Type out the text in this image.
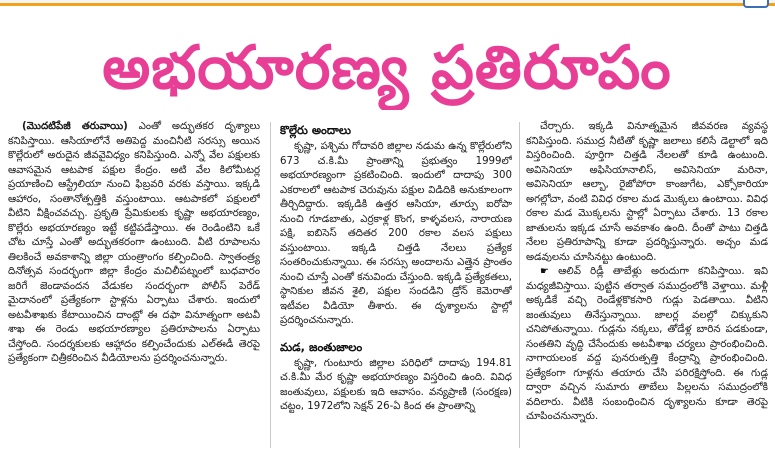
అభయారణ్య ప్రతిరూపం
(మొదటిపేజీ తరువాయి) ఎంతో అద్భుతకర దృశ్యాలు కనిపిస్తాయి. ఆసియాలోనే అతిపెద్ద మంచినీటి సరస్సు అయిన కొల్లేరులో అరుదైన జీవవైవిధ్యం కనిపిస్తుంది. ఎన్నో వేల పక్షులకు ఆవాసమైన ఆటపాక పక్షుల కేంద్రం. అటి వేల కిలోమీటర్ల ప్రయాణించి ఆస్ట్రేలియా నుంచి ఫిబ్రవరి వరకు వస్తాయి. ఇక్కడి ఆహారం, సంతానోత్పత్తికి వస్తుంటాయి. ఆటపాకలో పక్షులలో వీటిని వీక్షించవచ్చు. ప్రకృతి ప్రేమికులకు కృష్ణా అభయారణ్యం, కొల్లేరు అభయారణ్యం ఇట్టే కట్టిపడేస్తాయి. ఈ రెండింటిని ఒకే చోట చూస్తే ఎంతో అద్భుతకరంగా ఉంటుంది. వీటి రూపాలను తిలకించే అవకాశాన్ని జిల్లా యంత్రాంగం కల్పించింది. స్వాతంత్ర్య దినోత్సవ సందర్భంగా జిల్లా కేంద్రం మచిలీపట్నంలో బుధవారం జరిగే జెండావందన వేడుకల సందర్భంగా పోలీస్ పెరేడ్ మైదానంలో ప్రత్యేకంగా స్టాళ్లను ఏర్పాటు చేశారు. ఇందులో అటవీశాఖకు కేటాయించిన దాంట్లో ఈ దఫా వినూత్నంగా అటవీ శాఖ ఈ రెండు అభయారణ్యాల ప్రతిరూపాలను ఏర్పాటు చేస్తోంది. సందర్శకులకు ఆహ్లాదం కల్పించేందుకు ఎల్ఈడీ తెరపై ప్రత్యేకంగా చిత్రీకరించిన వీడియోలను ప్రదర్శించనున్నారు.
కొల్లేరు అందాలు
కృష్ణా, పశ్చిమ గోదావరి జిల్లాల నడుమ ఉన్న కొల్లేరులోని 673 చ.కి.మీ ప్రాంతాన్ని ప్రభుత్వం 1999లో అభయారణ్యంగా ప్రకటించింది. ఇందులో దాదాపు 300 ఎకరాలలో ఆటపాక చెరువును పక్షుల విడిదికి అనుకూలంగా తీర్చిదిద్దారు. ఇక్కడికి ఉత్తర ఆసియా, తూర్పు ఐరోపా నుంచి గూడబాతు, ఎర్రకాళ్ల కొంగ, కాళ్ళవలస, నారాయణ పక్షి, ఐబిసెస్ తదితర 200 రకాల వలస పక్షులు వస్తుంటాయి. ఇక్కడి చిత్తడి నేలలు ప్రత్యేక సంతరించుకున్నాయి. ఈ సరస్సు అందాలను ఎత్తైన ప్రాంతం నుంచి చూస్తే ఎంతో కనువిందు చేస్తుంది. ఇక్కడి ప్రత్యేకతలు, స్థానికుల జీవన శైలి, పక్షుల సందడిని డ్రోన్ కెమెరాతో ఇటీవల వీడియో తీశారు. ఈ దృశ్యాలను స్టాల్లో ప్రదర్శించనున్నారు.
మడ, జంతుజాలం
కృష్ణా, గుంటూరు జిల్లాల పరిధిలో దాదాపు 194.81 చ.కి.మీ మేర కృష్ణా అభయారణ్యం విస్తరించి ఉంది. వివిధ జంతువులు, పక్షులకు ఇది ఆవాసం. వన్యప్రాణి (సంరక్షణ) చట్టం, 1972లోని సెక్షన్ 26-ఏ కింద ఈ ప్రాంతాన్ని
చేర్చారు. ఇక్కడి వినూత్నమైన జీవవరణ వ్యవస్థ కనిపిస్తుంది. సముద్ర నీటితో కృష్ణా జలాలు కలిసే డెల్టాలో ఇది విస్తరించింది. పూర్తిగా చిత్తడి నేలలతో కూడి ఉంటుంది. అవిసెనియా అఫిసియానాలిస్, అవిసెనియా మరినా, అవిసెనియా ఆల్బా, రైజోపోరా కాంజుగేట, ఎక్సోకారియా అగల్లోచా, వంటి వివిధ రకాల మడ మొక్కలు ఉంటాయి. వివిధ రకాల మడ మొక్కలను స్టాల్లో ఏర్పాటు చేశారు. 13 రకాల జాతులను ఇక్కడ చూసే అవకాశం ఉంది. దీంతో పాటు చిత్తడి నేలల ప్రతిరూపాన్ని కూడా ప్రదర్శిస్తున్నారు. అచ్చం మడ అడవులను చూసినట్టు ఉంటుంది.
☛ ఆలివ్ రిడ్లీ తాబేళ్లు అరుదుగా కనిపిస్తాయి. ఇవి మధ్యజీవిస్తాయి. పుట్టిన తర్వాత సముద్రంలోకి వెళ్తాయి. మళ్లీ అక్కడికే వచ్చి రెండేళ్లకొకసారి గుడ్లు పెడతాయి. వీటిని జంతువులు తినేస్తున్నాయి. జాలర్ల వలల్లో చిక్కుకుని చనిపోతున్నాయి. గుడ్లను నక్కలు, తోడేళ్ల బారిన పడకుండా, సంతతిని వృద్ధి చేసేందుకు అటవీశాఖ చర్యలు ప్రారంభించింది. నాగాయలంక వద్ద పునరుత్పత్తి కేంద్రాన్ని ప్రారంభించింది. ప్రత్యేకంగా గూళ్లను తయారు చేసి పరిరక్షిస్తోంది. ఈ గుడ్ల ద్వారా వచ్చిన సుమారు తాబేలు పిల్లలను సముద్రంలోకి వదిలారు. వీటికి సంబంధించిన దృశ్యాలను కూడా తెరపై చూపించనున్నారు.
